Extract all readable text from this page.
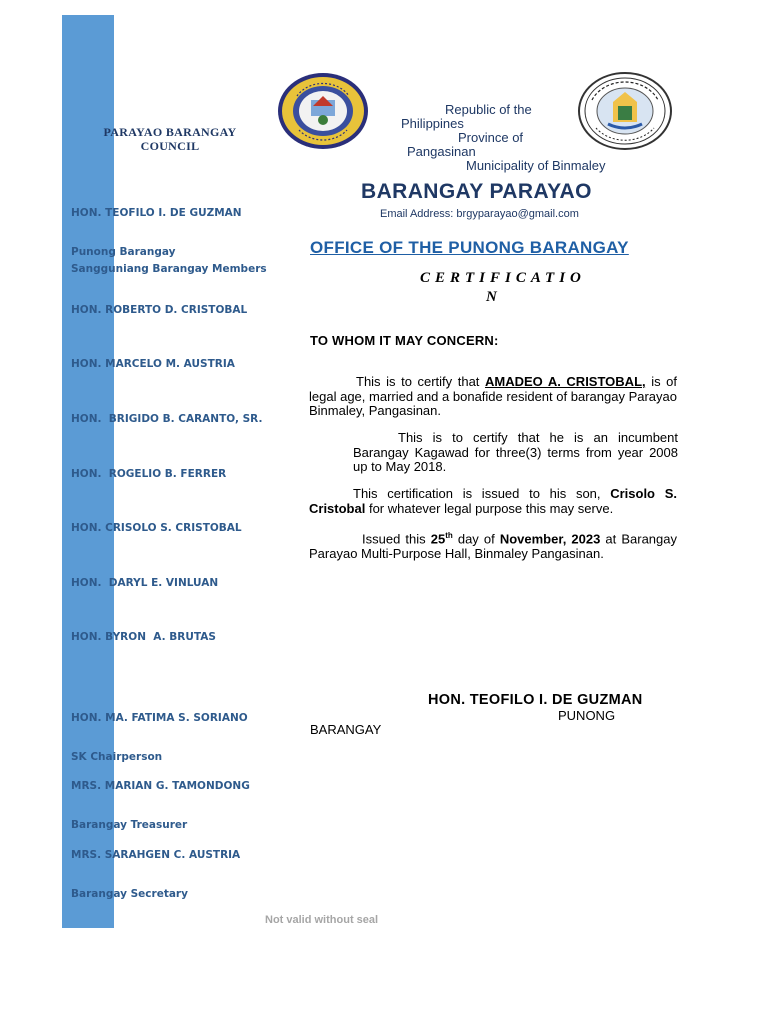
PARAYAO BARANGAY
COUNCIL

HON. TEOFILO I. DE GUZMAN

Punong Barangay

Sangguniang Barangay Members
HON. ROBERTO D. CRISTOBAL
HON. MARCELO M. AUSTRIA
HON.  BRIGIDO B. CARANTO, SR.
HON.  ROGELIO B. FERRER
HON. CRISOLO S. CRISTOBAL
HON.  DARYL E. VINLUAN
HON. BYRON  A. BRUTAS

HON. MA. FATIMA S. SORIANO

SK Chairperson

MRS. MARIAN G. TAMONDONG

Barangay Treasurer

MRS. SARAHGEN C. AUSTRIA

Barangay Secretary

Republic of the
Philippines
Province of
Pangasinan
Municipality of Binmaley
BARANGAY PARAYAO
Email Address: brgyparayao@gmail.com
OFFICE OF THE PUNONG BARANGAY
CERTIFICATIO
N
TO WHOM IT MAY CONCERN:
This is to certify that AMADEO A. CRISTOBAL, is of legal age, married and a bonafide resident of barangay Parayao Binmaley, Pangasinan.
This is to certify that he is an incumbent Barangay Kagawad for three(3) terms from year 2008 up to May 2018.
This certification is issued to his son, Crisolo S. Cristobal for whatever legal purpose this may serve.
Issued this 25th day of November, 2023 at Barangay Parayao Multi-Purpose Hall, Binmaley Pangasinan.
HON. TEOFILO I. DE GUZMAN
PUNONG
BARANGAY
Not valid without seal
